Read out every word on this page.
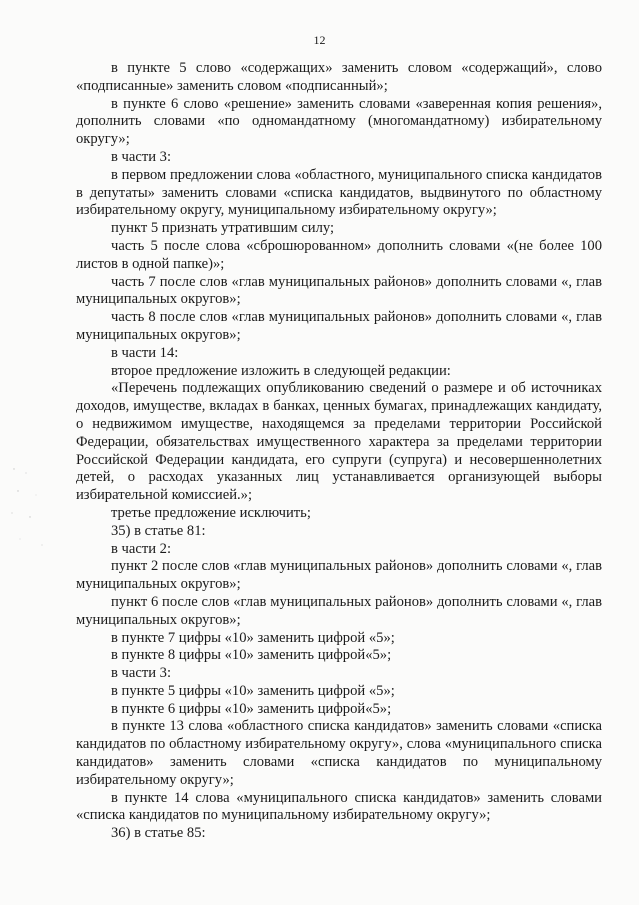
12

в пункте 5 слово «содержащих» заменить словом «содержащий», слово «подписанные» заменить словом «подписанный»;

в пункте 6 слово «решение» заменить словами «заверенная копия решения», дополнить словами «по одномандатному (многомандатному) избирательному округу»;

в части 3:

в первом предложении слова «областного, муниципального списка кандидатов в депутаты» заменить словами «списка кандидатов, выдвинутого по областному избирательному округу, муниципальному избирательному округу»;

пункт 5 признать утратившим силу;

часть 5 после слова «сброшюрованном» дополнить словами «(не более 100 листов в одной папке)»;

часть 7 после слов «глав муниципальных районов» дополнить словами «, глав муниципальных округов»;

часть 8 после слов «глав муниципальных районов» дополнить словами «, глав муниципальных округов»;

в части 14:

второе предложение изложить в следующей редакции:

«Перечень подлежащих опубликованию сведений о размере и об источниках доходов, имуществе, вкладах в банках, ценных бумагах, принадлежащих кандидату, о недвижимом имуществе, находящемся за пределами территории Российской Федерации, обязательствах имущественного характера за пределами территории Российской Федерации кандидата, его супруги (супруга) и несовершеннолетних детей, о расходах указанных лиц устанавливается организующей выборы избирательной комиссией.»;

третье предложение исключить;

35) в статье 81:

в части 2:

пункт 2 после слов «глав муниципальных районов» дополнить словами «, глав муниципальных округов»;

пункт 6 после слов «глав муниципальных районов» дополнить словами «, глав муниципальных округов»;

в пункте 7 цифры «10» заменить цифрой «5»;

в пункте 8 цифры «10» заменить цифрой«5»;

в части 3:

в пункте 5 цифры «10» заменить цифрой «5»;

в пункте 6 цифры «10» заменить цифрой«5»;

в пункте 13 слова «областного списка кандидатов» заменить словами «списка кандидатов по областному избирательному округу», слова «муниципального списка кандидатов» заменить словами «списка кандидатов по муниципальному избирательному округу»;

в пункте 14 слова «муниципального списка кандидатов» заменить словами «списка кандидатов по муниципальному избирательному округу»;

36) в статье 85:
